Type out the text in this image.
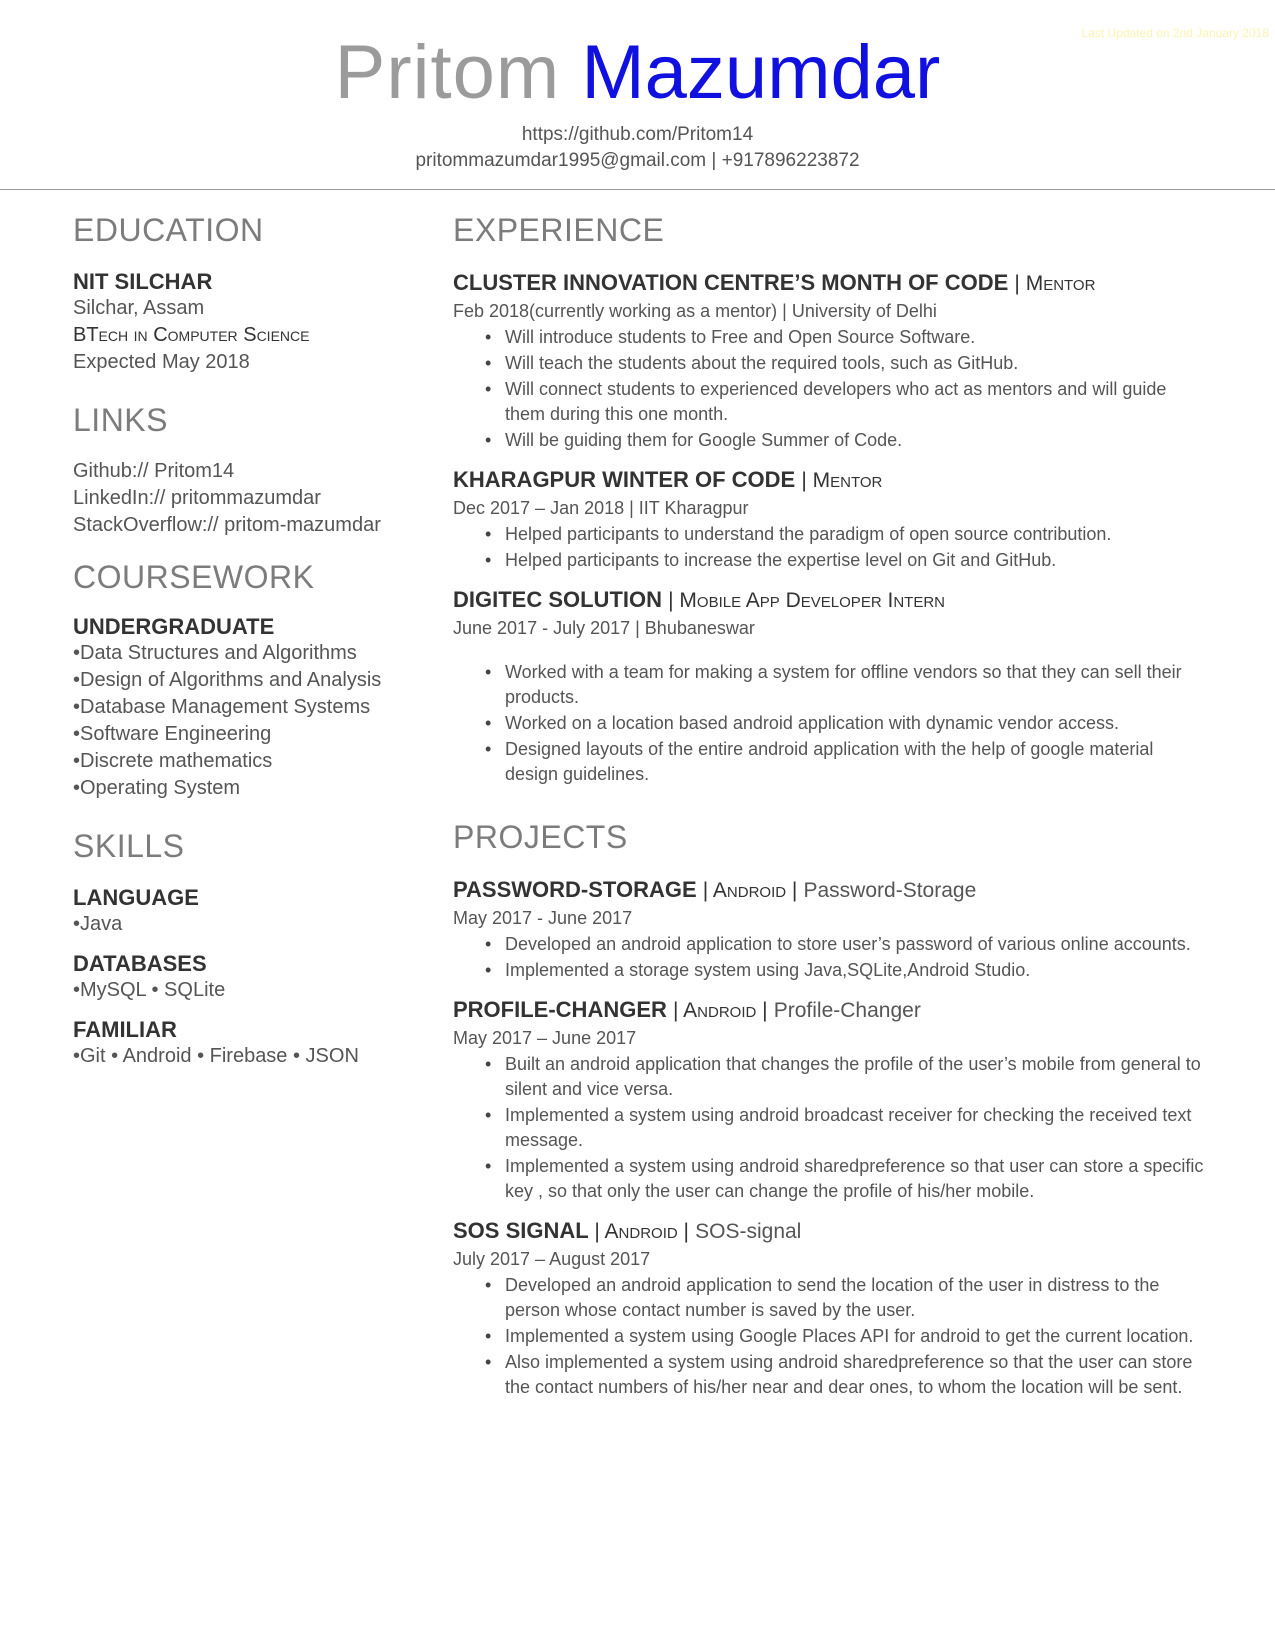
Last Updated on 2nd January 2018
Pritom Mazumdar
https://github.com/Pritom14
pritommazumdar1995@gmail.com | +917896223872
EDUCATION
NIT SILCHAR
Silchar, Assam
BTech in Computer Science
Expected May 2018
LINKS
Github:// Pritom14
LinkedIn:// pritommazumdar
StackOverflow:// pritom-mazumdar
COURSEWORK
UNDERGRADUATE
•Data Structures and Algorithms
•Design of Algorithms and Analysis
•Database Management Systems
•Software Engineering
•Discrete mathematics
•Operating System
SKILLS
LANGUAGE
•Java
DATABASES
•MySQL • SQLite
FAMILIAR
•Git • Android • Firebase • JSON
EXPERIENCE
CLUSTER INNOVATION CENTRE’S MONTH OF CODE | Mentor
Feb 2018(currently working as a mentor) | University of Delhi
• Will introduce students to Free and Open Source Software.
• Will teach the students about the required tools, such as GitHub.
• Will connect students to experienced developers who act as mentors and will guide them during this one month.
• Will be guiding them for Google Summer of Code.
KHARAGPUR WINTER OF CODE | Mentor
Dec 2017 – Jan 2018 | IIT Kharagpur
• Helped participants to understand the paradigm of open source contribution.
• Helped participants to increase the expertise level on Git and GitHub.
DIGITEC SOLUTION | Mobile App Developer Intern
June 2017 - July 2017 | Bhubaneswar
• Worked with a team for making a system for offline vendors so that they can sell their products.
• Worked on a location based android application with dynamic vendor access.
• Designed layouts of the entire android application with the help of google material design guidelines.
PROJECTS
PASSWORD-STORAGE | Android | Password-Storage
May 2017 - June 2017
• Developed an android application to store user’s password of various online accounts.
• Implemented a storage system using Java,SQLite,Android Studio.
PROFILE-CHANGER | Android | Profile-Changer
May 2017 – June 2017
• Built an android application that changes the profile of the user’s mobile from general to silent and vice versa.
• Implemented a system using android broadcast receiver for checking the received text message.
• Implemented a system using android sharedpreference so that user can store a specific key , so that only the user can change the profile of his/her mobile.
SOS SIGNAL | Android | SOS-signal
July 2017 – August 2017
• Developed an android application to send the location of the user in distress to the person whose contact number is saved by the user.
• Implemented a system using Google Places API for android to get the current location.
• Also implemented a system using android sharedpreference so that the user can store the contact numbers of his/her near and dear ones, to whom the location will be sent.
